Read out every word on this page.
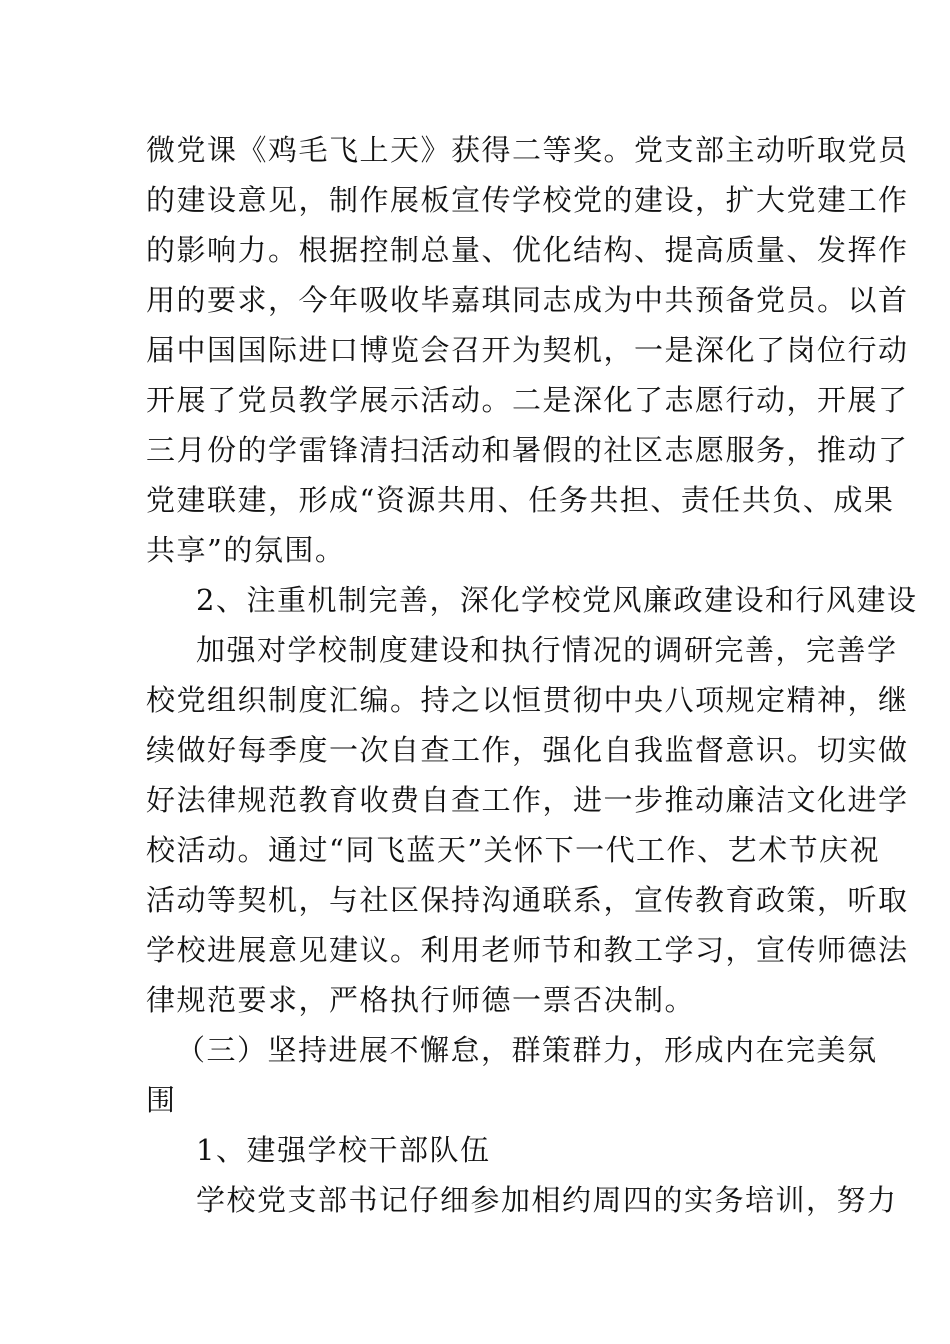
微党课《鸡毛飞上天》获得二等奖。党支部主动听取党员
的建设意见，制作展板宣传学校党的建设，扩大党建工作
的影响力。根据控制总量、优化结构、提高质量、发挥作
用的要求，今年吸收毕嘉琪同志成为中共预备党员。以首
届中国国际进口博览会召开为契机，一是深化了岗位行动
开展了党员教学展示活动。二是深化了志愿行动，开展了
三月份的学雷锋清扫活动和暑假的社区志愿服务，推动了
党建联建，形成“资源共用、任务共担、责任共负、成果
共享”的氛围。
2、注重机制完善，深化学校党风廉政建设和行风建设
加强对学校制度建设和执行情况的调研完善，完善学
校党组织制度汇编。持之以恒贯彻中央八项规定精神，继
续做好每季度一次自查工作，强化自我监督意识。切实做
好法律规范教育收费自查工作，进一步推动廉洁文化进学
校活动。通过“同飞蓝天”关怀下一代工作、艺术节庆祝
活动等契机，与社区保持沟通联系，宣传教育政策，听取
学校进展意见建议。利用老师节和教工学习，宣传师德法
律规范要求，严格执行师德一票否决制。
（三）坚持进展不懈怠，群策群力，形成内在完美氛
围
1、建强学校干部队伍
学校党支部书记仔细参加相约周四的实务培训，努力
